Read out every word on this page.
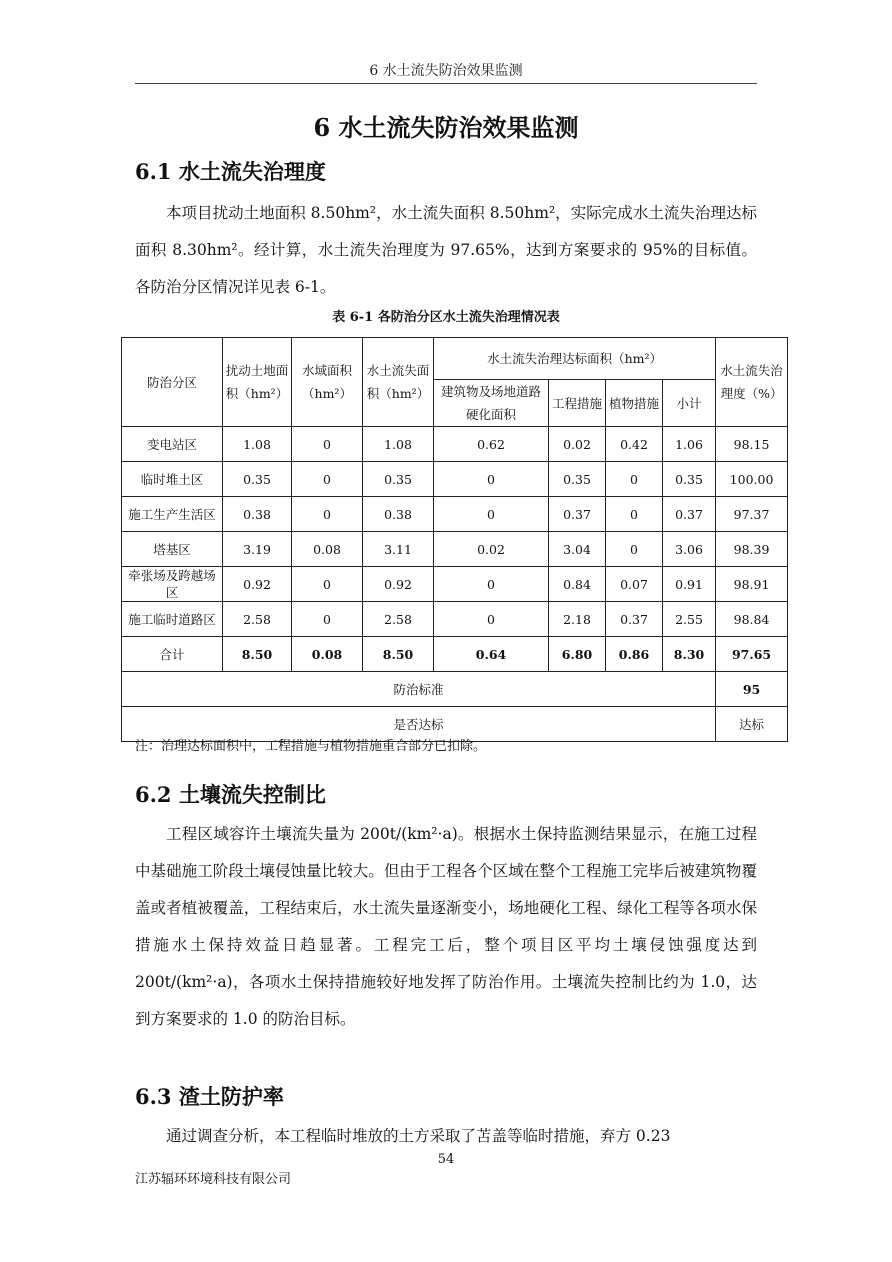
6 水土流失防治效果监测
6 水土流失防治效果监测
6.1 水土流失治理度
本项目扰动土地面积 8.50hm²，水土流失面积 8.50hm²，实际完成水土流失治理达标面积 8.30hm²。经计算，水土流失治理度为 97.65%，达到方案要求的 95%的目标值。各防治分区情况详见表 6-1。
表 6-1 各防治分区水土流失治理情况表
防治分区	扰动土地面积（hm²）	水域面积（hm²）	水土流失面积（hm²）	水土流失治理达标面积（hm²）				水土流失治理度（%）
				建筑物及场地道路硬化面积	工程措施	植物措施	小计	
变电站区	1.08	0	1.08	0.62	0.02	0.42	1.06	98.15
临时堆土区	0.35	0	0.35	0	0.35	0	0.35	100.00
施工生产生活区	0.38	0	0.38	0	0.37	0	0.37	97.37
塔基区	3.19	0.08	3.11	0.02	3.04	0	3.06	98.39
牵张场及跨越场区	0.92	0	0.92	0	0.84	0.07	0.91	98.91
施工临时道路区	2.58	0	2.58	0	2.18	0.37	2.55	98.84
合计	8.50	0.08	8.50	0.64	6.80	0.86	8.30	97.65
防治标准								95
是否达标								达标
注：治理达标面积中，工程措施与植物措施重合部分已扣除。
6.2 土壤流失控制比
工程区域容许土壤流失量为 200t/(km²·a)。根据水土保持监测结果显示，在施工过程中基础施工阶段土壤侵蚀量比较大。但由于工程各个区域在整个工程施工完毕后被建筑物覆盖或者植被覆盖，工程结束后，水土流失量逐渐变小，场地硬化工程、绿化工程等各项水保措施水土保持效益日趋显著。工程完工后，整个项目区平均土壤侵蚀强度达到 200t/(km²·a)，各项水土保持措施较好地发挥了防治作用。土壤流失控制比约为 1.0，达到方案要求的 1.0 的防治目标。
6.3 渣土防护率
通过调查分析，本工程临时堆放的土方采取了苫盖等临时措施，弃方 0.23
54
江苏辐环环境科技有限公司
